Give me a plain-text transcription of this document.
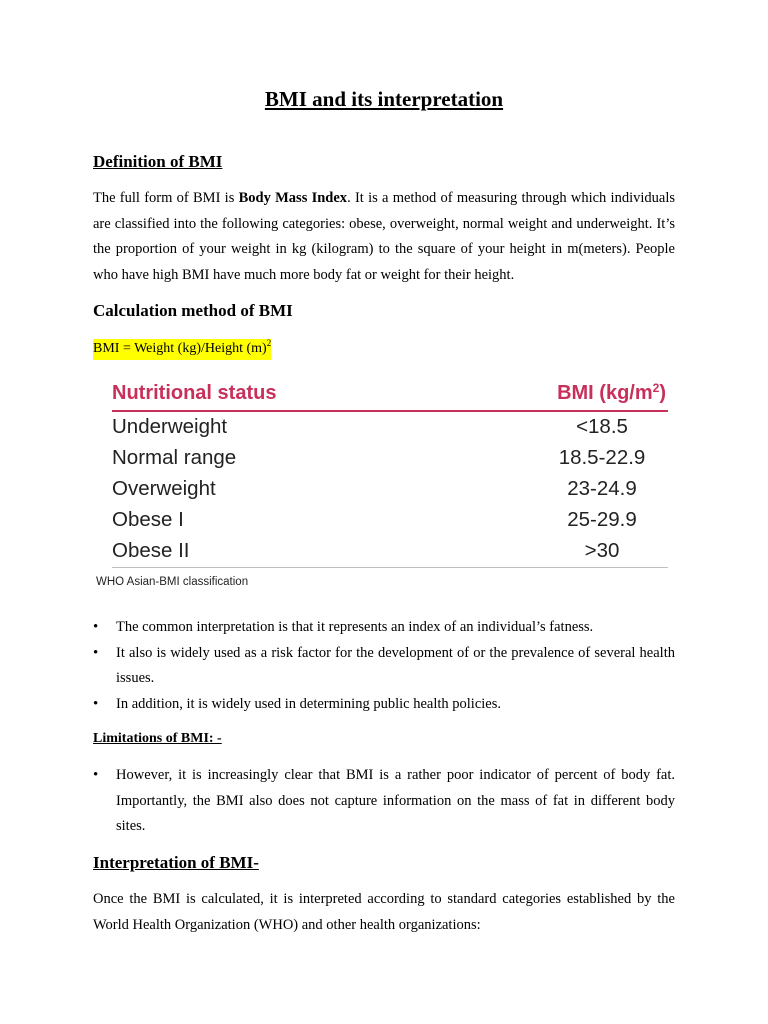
BMI and its interpretation
Definition of BMI
The full form of BMI is Body Mass Index. It is a method of measuring through which individuals are classified into the following categories: obese, overweight, normal weight and underweight. It’s the proportion of your weight in kg (kilogram) to the square of your height in m(meters). People who have high BMI have much more body fat or weight for their height.
Calculation method of BMI
BMI = Weight (kg)/Height $(m)^2$
Nutritional status	BMI $(kg/m^2)$
Underweight	<18.5
Normal range	18.5-22.9
Overweight	23-24.9
Obese I	25-29.9
Obese II	>30
WHO Asian-BMI classification
• The common interpretation is that it represents an index of an individual’s fatness.
• It also is widely used as a risk factor for the development of or the prevalence of several health issues.
• In addition, it is widely used in determining public health policies.
Limitations of BMI: -
• However, it is increasingly clear that BMI is a rather poor indicator of percent of body fat. Importantly, the BMI also does not capture information on the mass of fat in different body sites.
Interpretation of BMI-
Once the BMI is calculated, it is interpreted according to standard categories established by the World Health Organization (WHO) and other health organizations:
